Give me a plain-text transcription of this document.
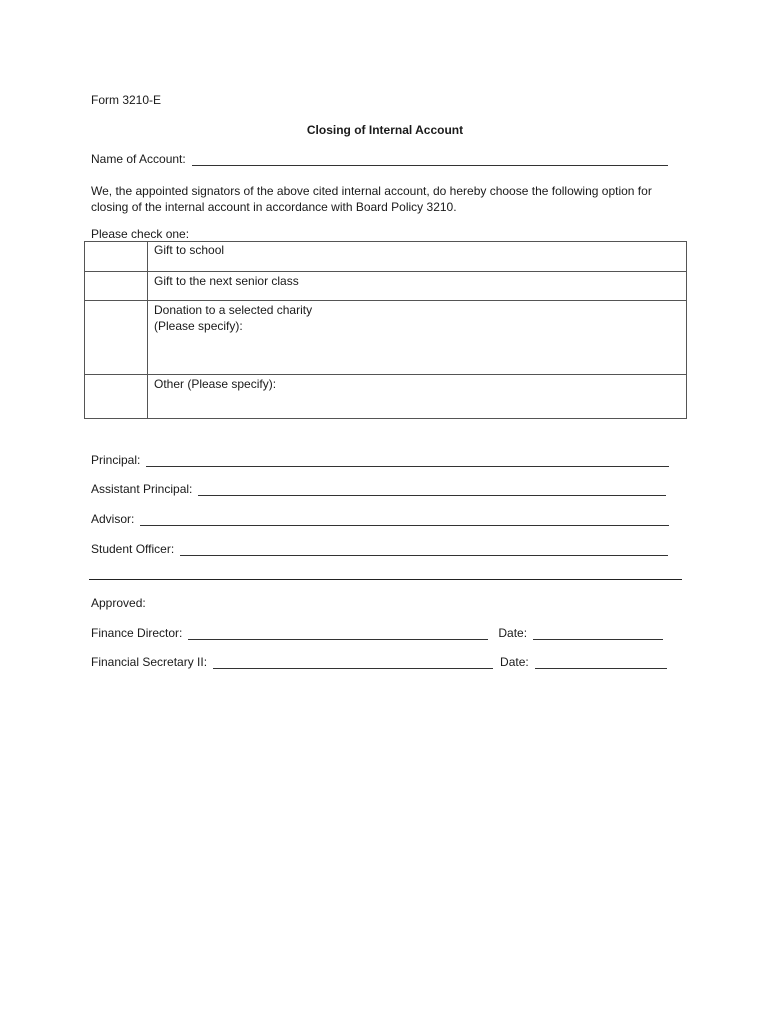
Form 3210-E
Closing of Internal Account
Name of Account:
We, the appointed signators of the above cited internal account, do hereby choose the following option for closing of the internal account in accordance with Board Policy 3210.
Please check one:

	Gift to school

	Gift to the next senior class

	Donation to a selected charity
(Please specify):

	Other (Please specify):
Principal:
Assistant Principal:
Advisor:
Student Officer:
Approved:
Finance Director:	Date:
Financial Secretary II:	Date:
